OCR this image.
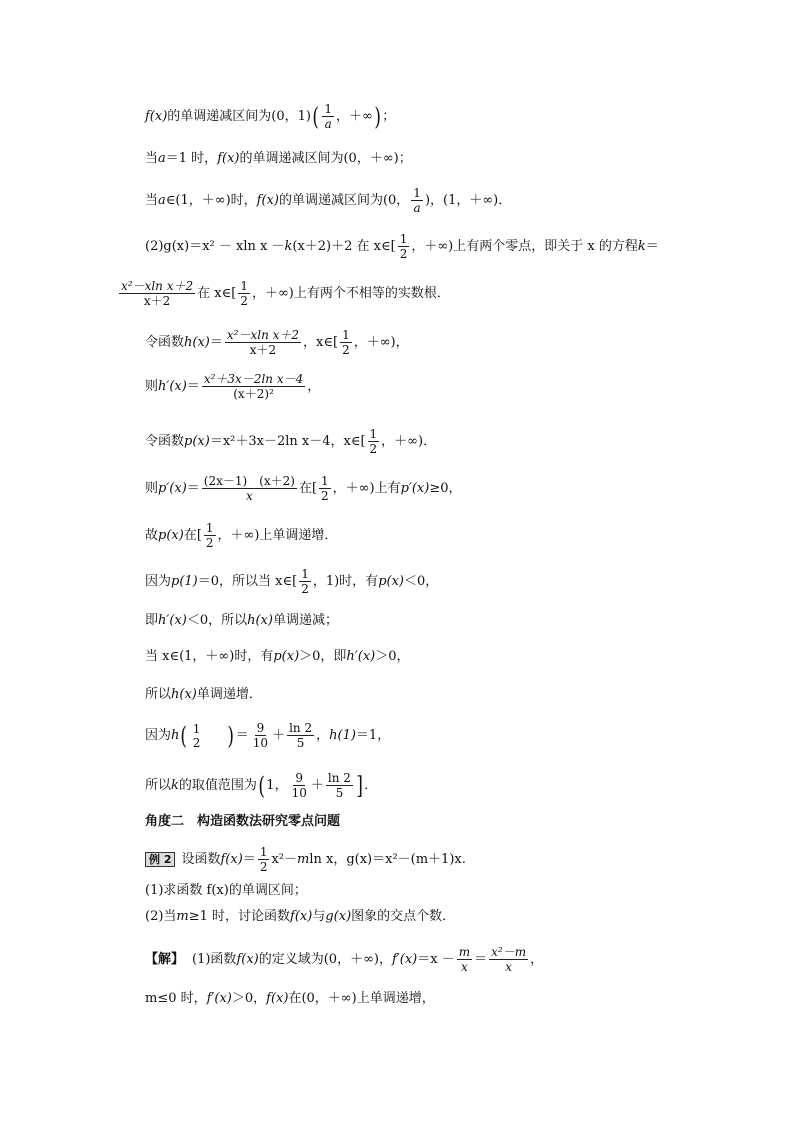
f(x) 的单调递减区间为(0，1) ( $\frac{1}{a}$ ，＋∞ ) ；
当 a ＝1 时， f(x) 的单调递减区间为(0，＋∞)；
当 a ∈(1，＋∞)时， f(x) 的单调递减区间为(0， $\frac{1}{a}$ )，(1，＋∞)．
(2)g(x)＝x² － xln x － k (x＋2)＋2 在 x∈[ $\frac{1}{2}$ ，＋∞)上有两个零点，即关于 x 的方程 k ＝
$\frac{\text{x²－xln x＋2}}{x+2}$ 在 x∈[ $\frac{1}{2}$ ，＋∞)上有两个不相等的实数根．
令函数 $h(x) = \frac{\text{x²－xln x＋2}}{x+2}$ ，x∈[ $\frac{1}{2}$ ，＋∞)，
则 $h'(x) = \frac{\text{x²＋3x－2ln x－4}}{\text{(x＋2)²}}$ ，
令函数 p(x) ＝x²＋3x－2ln x－4，x∈[ $\frac{1}{2}$ ，＋∞)．
则 $p'(x) = \frac{(2x-1) (x+2)}{x}$ 在[ $\frac{1}{2}$ ，＋∞)上有 p′(x) ≥0，
故 p(x) 在[ $\frac{1}{2}$ ，＋∞)上单调递增．
因为 p(1) ＝0，所以当 x∈[ $\frac{1}{2}$ ，1)时，有 p(x) ＜0，
即 h′(x) ＜0，所以 h(x) 单调递减；
当 x∈(1，＋∞)时，有 p(x) ＞0，即 h′(x) ＞0，
所以 h(x) 单调递增．
因为 h ( 1
2 ) ＝ $\frac{9}{10} + \frac{\ln 2}{5}$ ， h(1) ＝1，
所以 k 的取值范围为 ( 1， $\frac{9}{10} + \frac{\ln 2}{5}$ ] ．
角度二　构造函数法研究零点问题
例 2 设函数 $f(x) = \frac{1}{2} x^2- m$ ln x，g(x)＝x²－(m＋1)x.
(1)求函数 f(x)的单调区间；
(2)当 m ≥1 时，讨论函数 f(x) 与 g(x) 图象的交点个数．
【解】 (1)函数 f(x) 的定义域为(0，＋∞)， $f'(x) =x - \frac{m}{x} = \frac{\text{x²－m}}{x}$ ，
m≤0 时， f′(x) ＞0， f(x) 在(0，＋∞)上单调递增，
